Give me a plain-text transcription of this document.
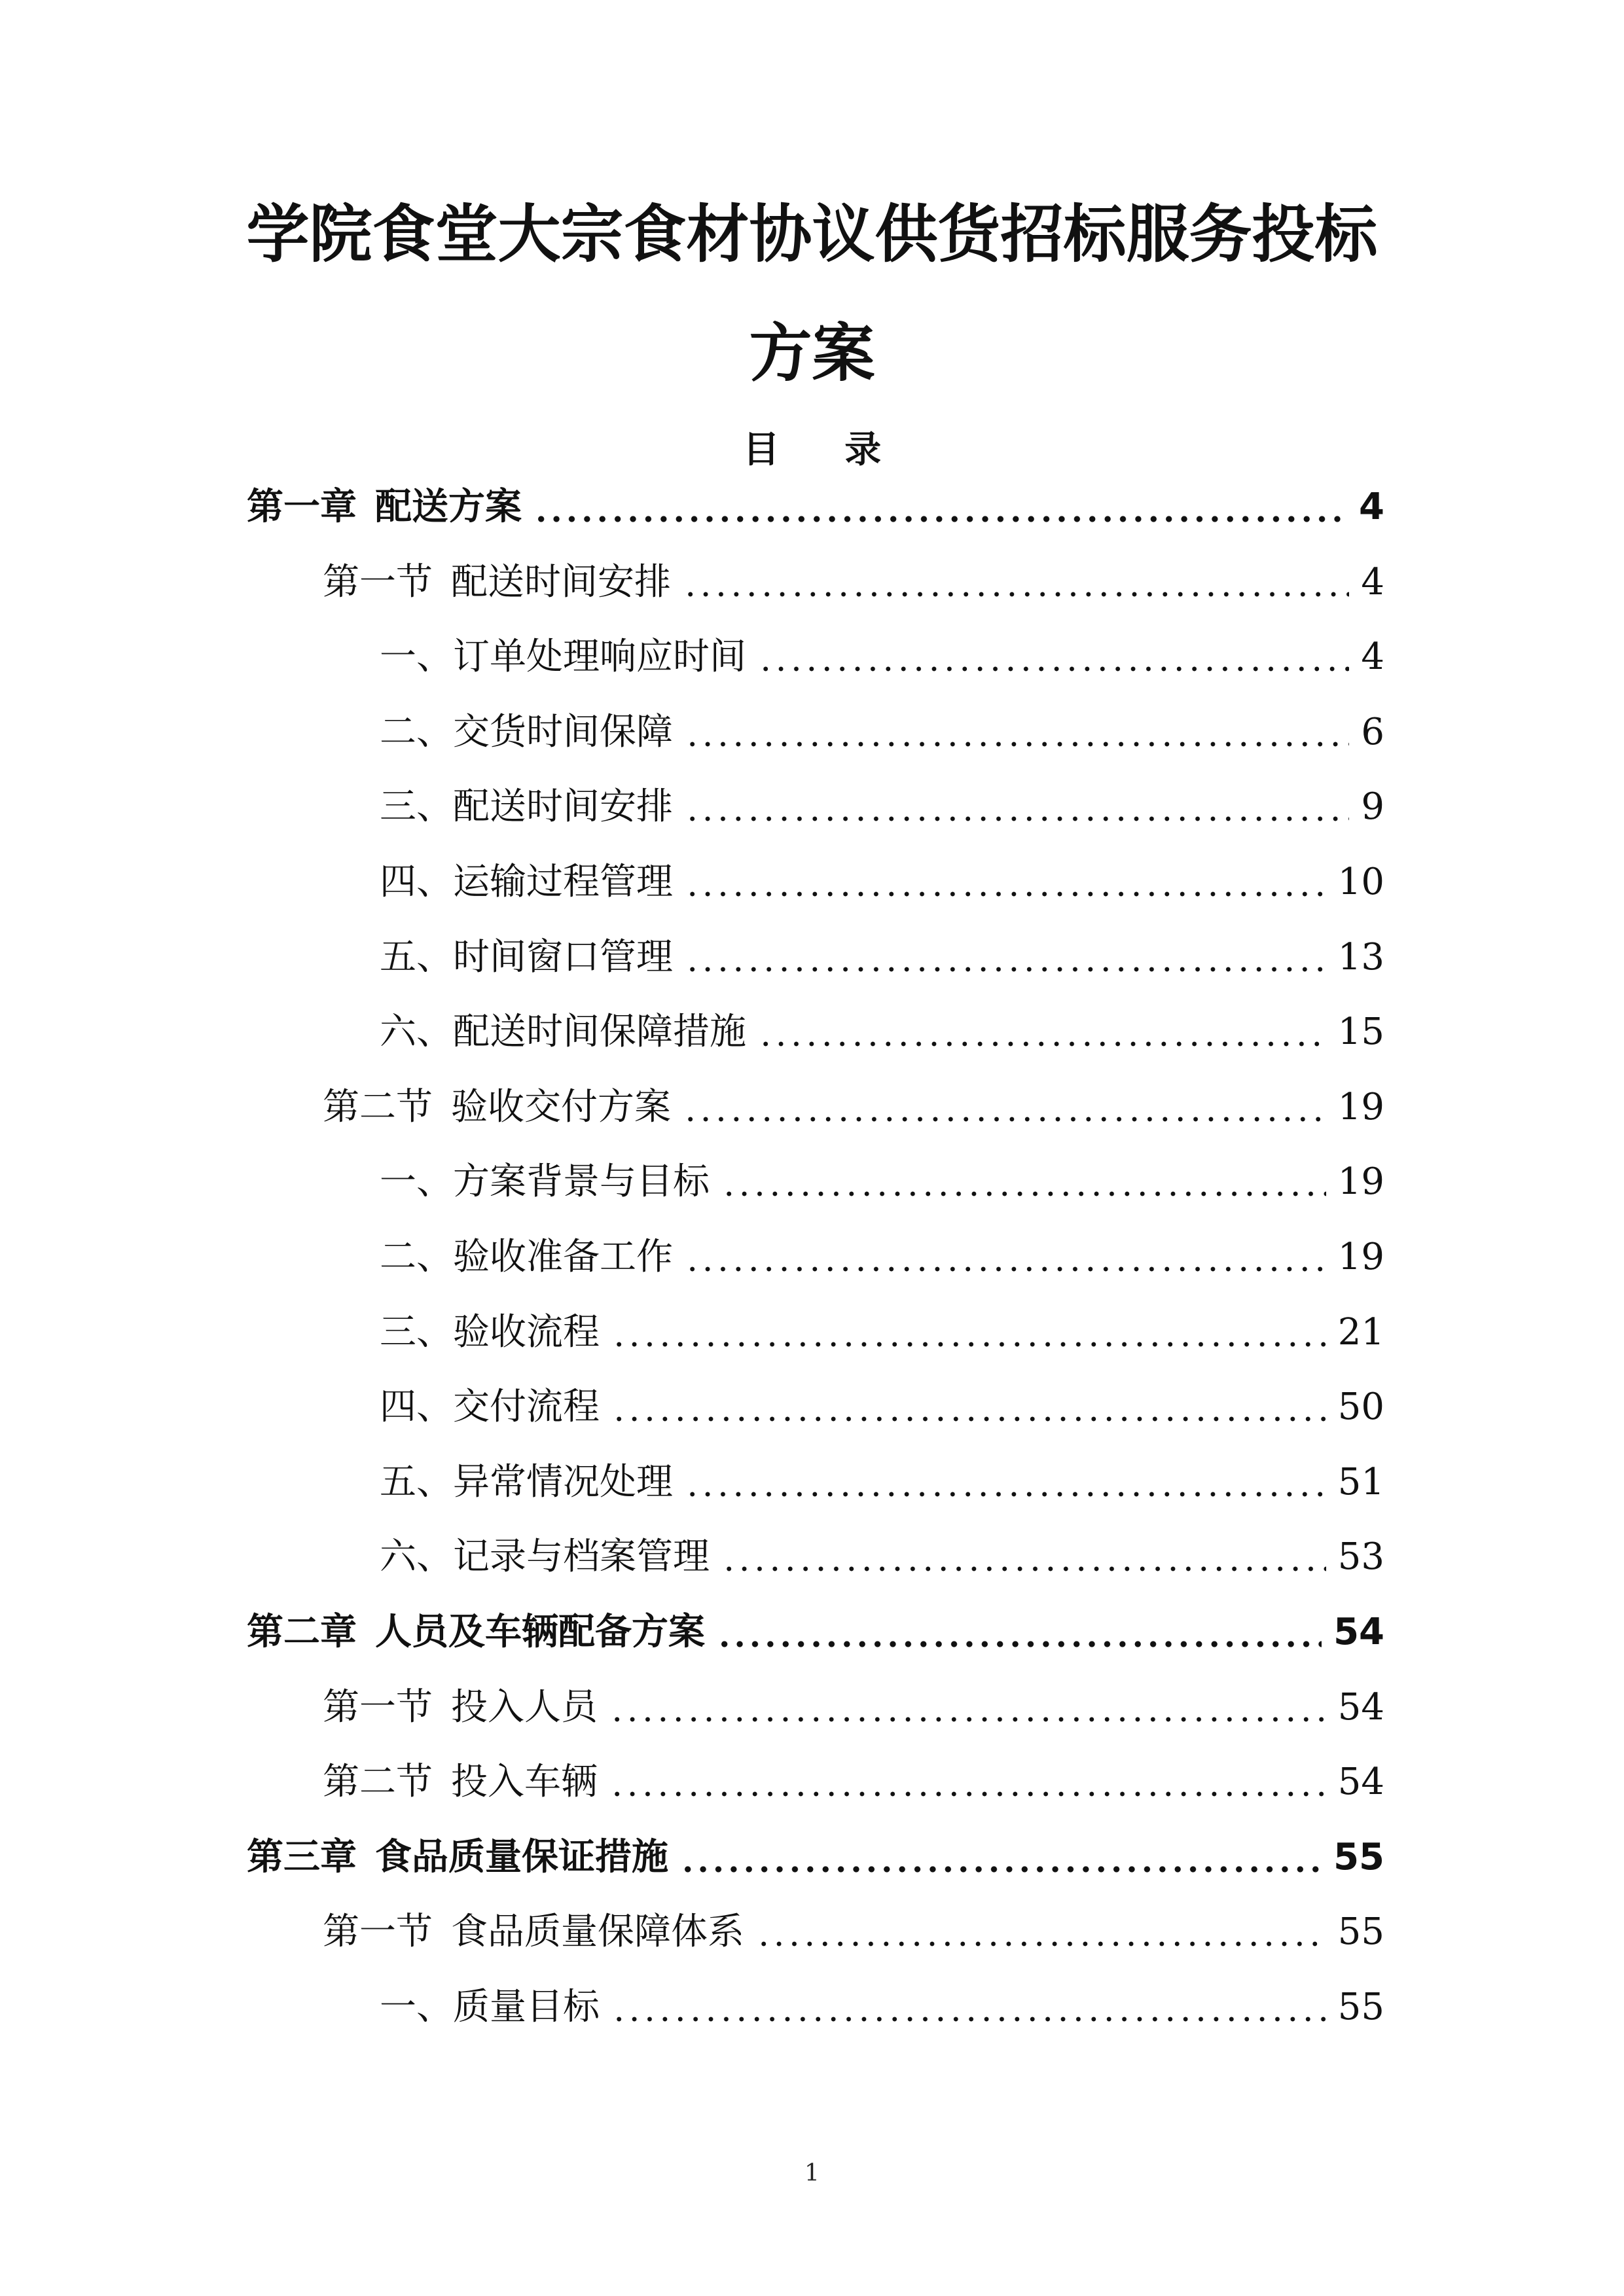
学院食堂大宗食材协议供货招标服务投标
方案
目 录
第一章 配送方案	4
第一节 配送时间安排	4
一、订单处理响应时间	4
二、交货时间保障	6
三、配送时间安排	9
四、运输过程管理	10
五、时间窗口管理	13
六、配送时间保障措施	15
第二节 验收交付方案	19
一、方案背景与目标	19
二、验收准备工作	19
三、验收流程	21
四、交付流程	50
五、异常情况处理	51
六、记录与档案管理	53
第二章 人员及车辆配备方案	54
第一节 投入人员	54
第二节 投入车辆	54
第三章 食品质量保证措施	55
第一节 食品质量保障体系	55
一、质量目标	55
1
